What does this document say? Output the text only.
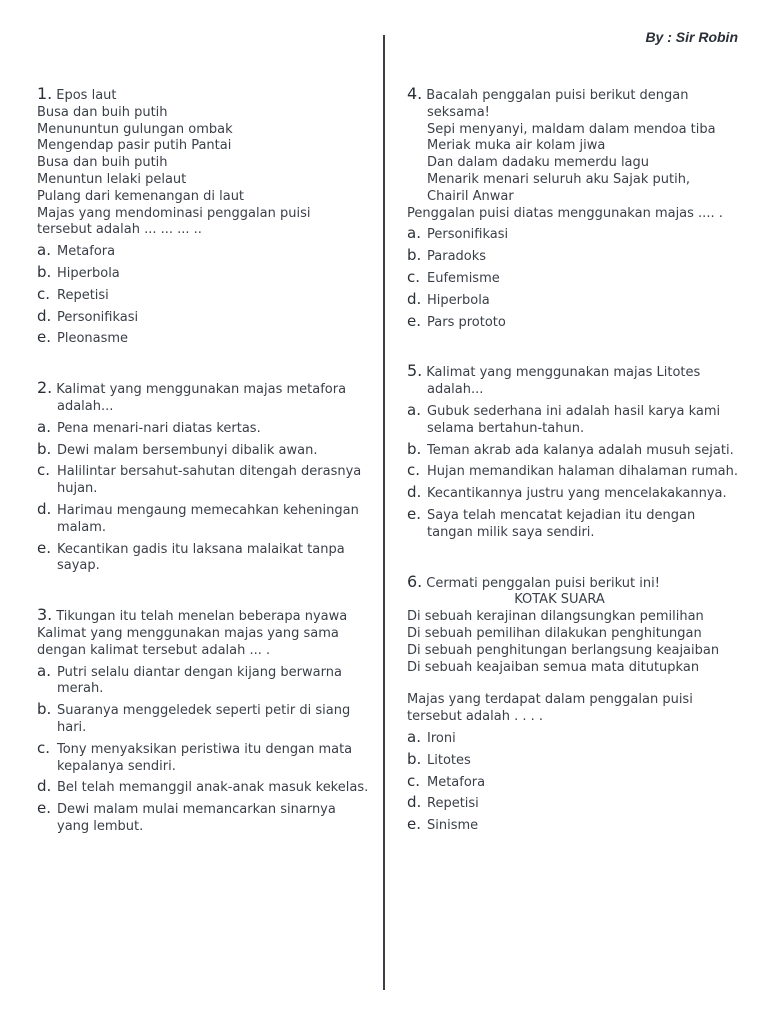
By : Sir Robin
1. Epos laut
Busa dan buih putih
Menununtun gulungan ombak
Mengendap pasir putih Pantai
Busa dan buih putih
Menuntun lelaki pelaut
Pulang dari kemenangan di laut
Majas yang mendominasi penggalan puisi
tersebut adalah ... ... ... ..
a. Metafora
b. Hiperbola
c. Repetisi
d. Personifikasi
e. Pleonasme
2. Kalimat yang menggunakan majas metafora
adalah...
a. Pena menari-nari diatas kertas.
b. Dewi malam bersembunyi dibalik awan.
c. Halilintar bersahut-sahutan ditengah derasnya hujan.
d. Harimau mengaung memecahkan keheningan malam.
e. Kecantikan gadis itu laksana malaikat tanpa sayap.
3. Tikungan itu telah menelan beberapa nyawa
Kalimat yang menggunakan majas yang sama
dengan kalimat tersebut adalah ... .
a. Putri selalu diantar dengan kijang berwarna merah.
b. Suaranya menggeledek seperti petir di siang hari.
c. Tony menyaksikan peristiwa itu dengan mata kepalanya sendiri.
d. Bel telah memanggil anak-anak masuk kekelas.
e. Dewi malam mulai memancarkan sinarnya yang lembut.
4. Bacalah penggalan puisi berikut dengan
seksama!
Sepi menyanyi, maldam dalam mendoa tiba
Meriak muka air kolam jiwa
Dan dalam dadaku memerdu lagu
Menarik menari seluruh aku Sajak putih,
Chairil Anwar
Penggalan puisi diatas menggunakan majas .... .
a. Personifikasi
b. Paradoks
c. Eufemisme
d. Hiperbola
e. Pars prototo
5. Kalimat yang menggunakan majas Litotes
adalah...
a. Gubuk sederhana ini adalah hasil karya kami selama bertahun-tahun.
b. Teman akrab ada kalanya adalah musuh sejati.
c. Hujan memandikan halaman dihalaman rumah.
d. Kecantikannya justru yang mencelakakannya.
e. Saya telah mencatat kejadian itu dengan tangan milik saya sendiri.
6. Cermati penggalan puisi berikut ini!
KOTAK SUARA
Di sebuah kerajinan dilangsungkan pemilihan
Di sebuah pemilihan dilakukan penghitungan
Di sebuah penghitungan berlangsung keajaiban
Di sebuah keajaiban semua mata ditutupkan
Majas yang terdapat dalam penggalan puisi
tersebut adalah . . . .
a. Ironi
b. Litotes
c. Metafora
d. Repetisi
e. Sinisme
